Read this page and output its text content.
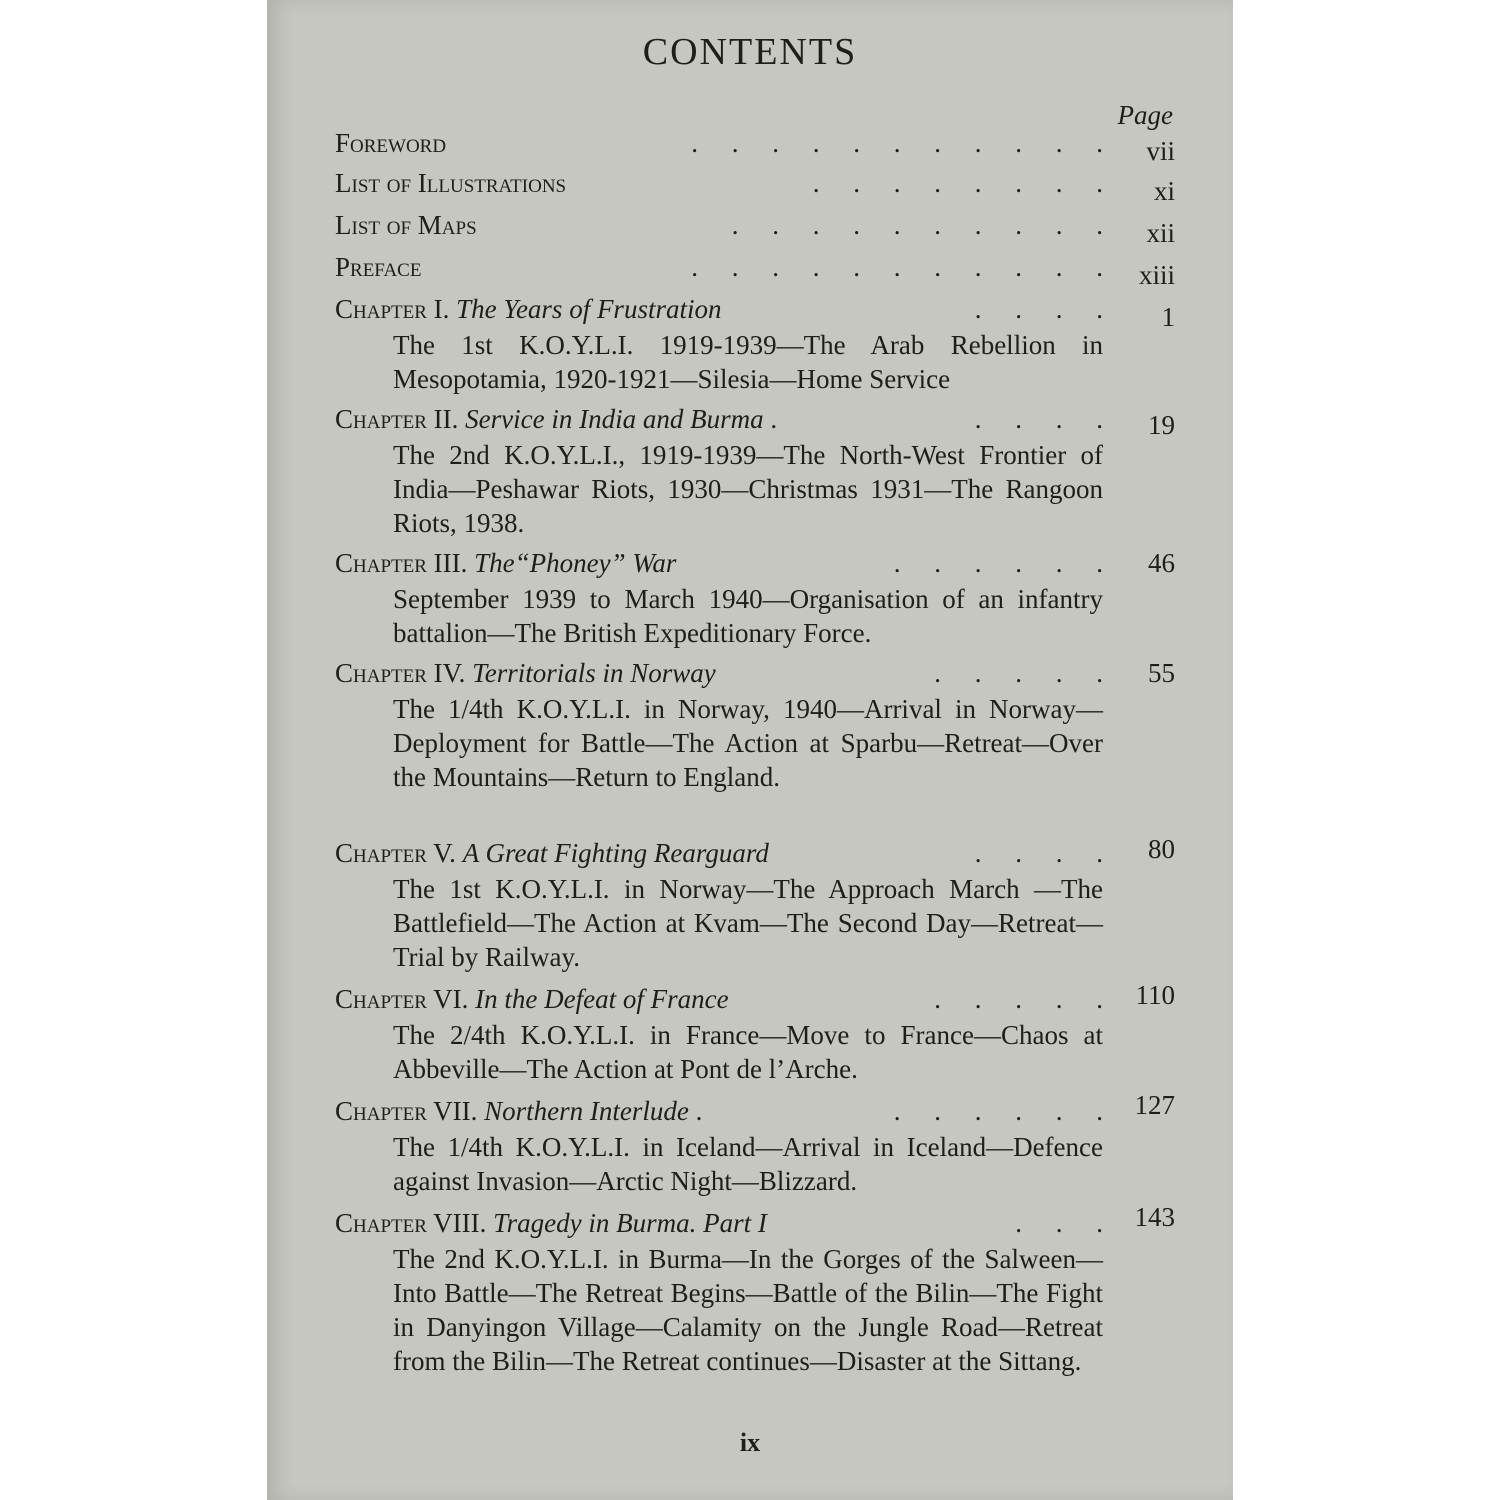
CONTENTS
Page
Foreword	.     .     .     .     .     .     .     .     .     .     . vii
List of Illustrations	.     .     .     .     .     .     .     . xi
List of Maps	.     .     .     .     .     .     .     .     .     . xii
Preface	.     .     .     .     .     .     .     .     .     .     . xiii
Chapter I. The Years of Frustration	.     .     .     . 1
The 1st K.O.Y.L.I. 1919-1939—The Arab Rebellion in Mesopotamia, 1920-1921—Silesia—Home Service
Chapter II. Service in India and Burma .	.     .     .     . 19
The 2nd K.O.Y.L.I., 1919-1939—The North-West Frontier of India—Peshawar Riots, 1930—Christmas 1931—The Rangoon Riots, 1938.
Chapter III. The“Phoney” War	.     .     .     .     .     . 46
September 1939 to March 1940—Organisation of an infantry battalion—The British Expeditionary Force.
Chapter IV. Territorials in Norway	.     .     .     .     . 55
The 1/4th K.O.Y.L.I. in Norway, 1940—Arrival in Norway—Deployment for Battle—The Action at Sparbu—Retreat—Over the Mountains—Return to England.
Chapter V. A Great Fighting Rearguard	.     .     .     . 80
The 1st K.O.Y.L.I. in Norway—The Approach March —The Battlefield—The Action at Kvam—The Second Day—Retreat—Trial by Railway.
Chapter VI. In the Defeat of France	.     .     .     .     . 110
The 2/4th K.O.Y.L.I. in France—Move to France—Chaos at Abbeville—The Action at Pont de l’Arche.
Chapter VII. Northern Interlude .	.     .     .     .     .     . 127
The 1/4th K.O.Y.L.I. in Iceland—Arrival in Iceland—Defence against Invasion—Arctic Night—Blizzard.
Chapter VIII. Tragedy in Burma. Part I	.     .     . 143
The 2nd K.O.Y.L.I. in Burma—In the Gorges of the Salween—Into Battle—The Retreat Begins—Battle of the Bilin—The Fight in Danyingon Village—Calamity on the Jungle Road—Retreat from the Bilin—The Retreat continues—Disaster at the Sittang.
ix
